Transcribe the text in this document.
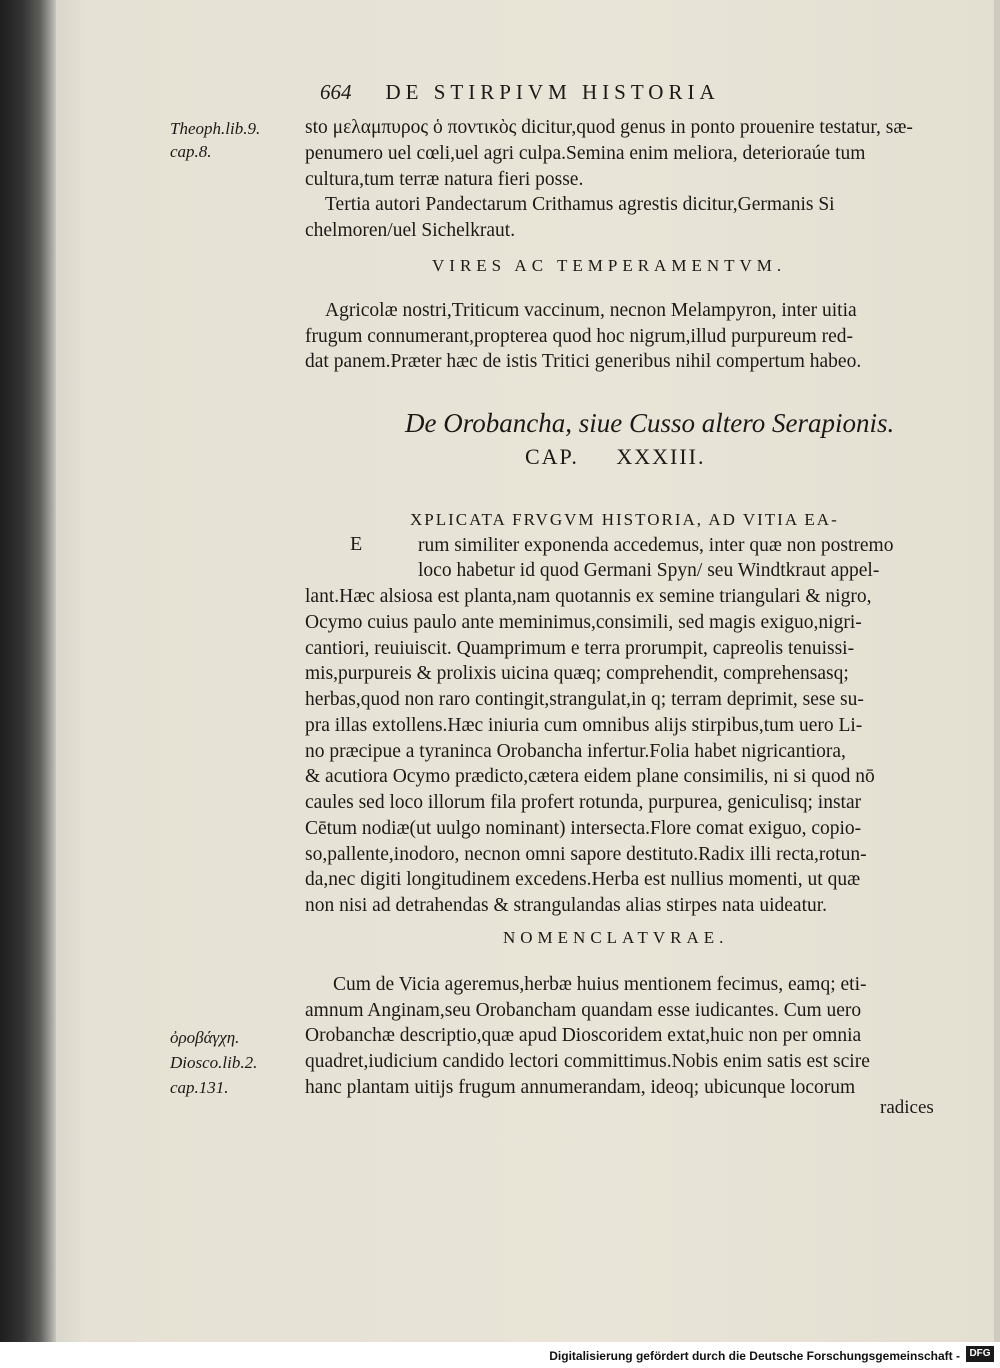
664 DE STIRPIVM HISTORIA
Theoph.lib.9.
cap.8.
sto μελαμπυρος ὁ ποντικὸς dicitur,quod genus in ponto prouenire testatur, sæ-
penumero uel cœli,uel agri culpa.Semina enim meliora, deterioraúe tum
cultura,tum terræ natura fieri posse.
Tertia autori Pandectarum Crithamus agrestis dicitur,Germanis Si
chelmoren/uel Sichelkraut.
VIRES AC TEMPERAMENTVM.
Agricolæ nostri,Triticum vaccinum, necnon Melampyron, inter uitia
frugum connumerant,propterea quod hoc nigrum,illud purpureum red-
dat panem.Præter hæc de istis Tritici generibus nihil compertum habeo.
De Orobancha, siue Cusso altero Serapionis.
CAP.     XXXIII.
E
XPLICATA FRVGVM HISTORIA, AD VITIA EA-
rum similiter exponenda accedemus, inter quæ non postremo
loco habetur id quod Germani Spyn/ seu Windtkraut appel-
lant.Hæc alsiosa est planta,nam quotannis ex semine triangulari & nigro,
Ocymo cuius paulo ante meminimus,consimili, sed magis exiguo,nigri-
cantiori, reuiuiscit. Quamprimum e terra prorumpit, capreolis tenuissi-
mis,purpureis & prolixis uicina quæq; comprehendit, comprehensasq;
herbas,quod non raro contingit,strangulat,in q; terram deprimit, sese su-
pra illas extollens.Hæc iniuria cum omnibus alijs stirpibus,tum uero Li-
no præcipue a tyraninca Orobancha infertur.Folia habet nigricantiora,
& acutiora Ocymo prædicto,cætera eidem plane consimilis, ni si quod nō
caules sed loco illorum fila profert rotunda, purpurea, geniculisq; instar
Cētum nodiæ(ut uulgo nominant) intersecta.Flore comat exiguo, copio-
so,pallente,inodoro, necnon omni sapore destituto.Radix illi recta,rotun-
da,nec digiti longitudinem excedens.Herba est nullius momenti, ut quæ
non nisi ad detrahendas & strangulandas alias stirpes nata uideatur.
NOMENCLATVRAE.
Cum de Vicia ageremus,herbæ huius mentionem fecimus, eamq; eti-
amnum Anginam,seu Orobancham quandam esse iudicantes. Cum uero
Orobanchæ descriptio,quæ apud Dioscoridem extat,huic non per omnia
quadret,iudicium candido lectori committimus.Nobis enim satis est scire
hanc plantam uitijs frugum annumerandam, ideoq; ubicunque locorum
ὀροβάγχη.
Diosco.lib.2.
cap.131.
radices
Digitalisierung gefördert durch die Deutsche Forschungsgemeinschaft - DFG
